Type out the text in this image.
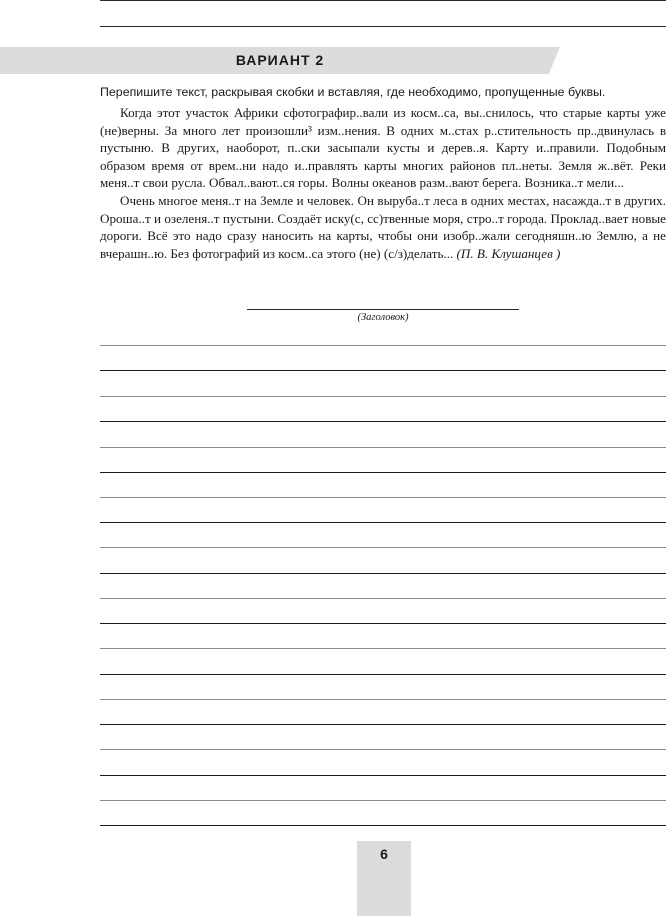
ВАРИАНТ 2
Перепишите текст, раскрывая скобки и вставляя, где необходимо, пропущенные буквы.

Когда этот участок Африки сфотографир..вали из косм..са, вы..снилось, что старые карты уже (не)верны. За много лет произошли³ изм..нения. В одних м..стах р..стительность пр..двинулась в пустыню. В других, наоборот, п..ски засыпали кусты и дерев..я. Карту и..правили. Подобным образом время от врем..ни надо и..правлять карты многих районов пл..неты. Земля ж..вёт. Реки меня..т свои русла. Обвал..вают..ся горы. Волны океанов разм..вают берега. Возника..т мели...

Очень многое меня..т на Земле и человек. Он выруба..т леса в одних местах, насажда..т в других. Ороша..т и озеленя..т пустыни. Создаёт иску(с, сс)твенные моря, стро..т города. Проклад..вает новые дороги. Всё это надо сразу наносить на карты, чтобы они изобр..жали сегодняшн..ю Землю, а не вчерашн..ю. Без фотографий из косм..са этого (не) (с/з)делать... (П. В. Клушанцев )

(Заголовок)
6
